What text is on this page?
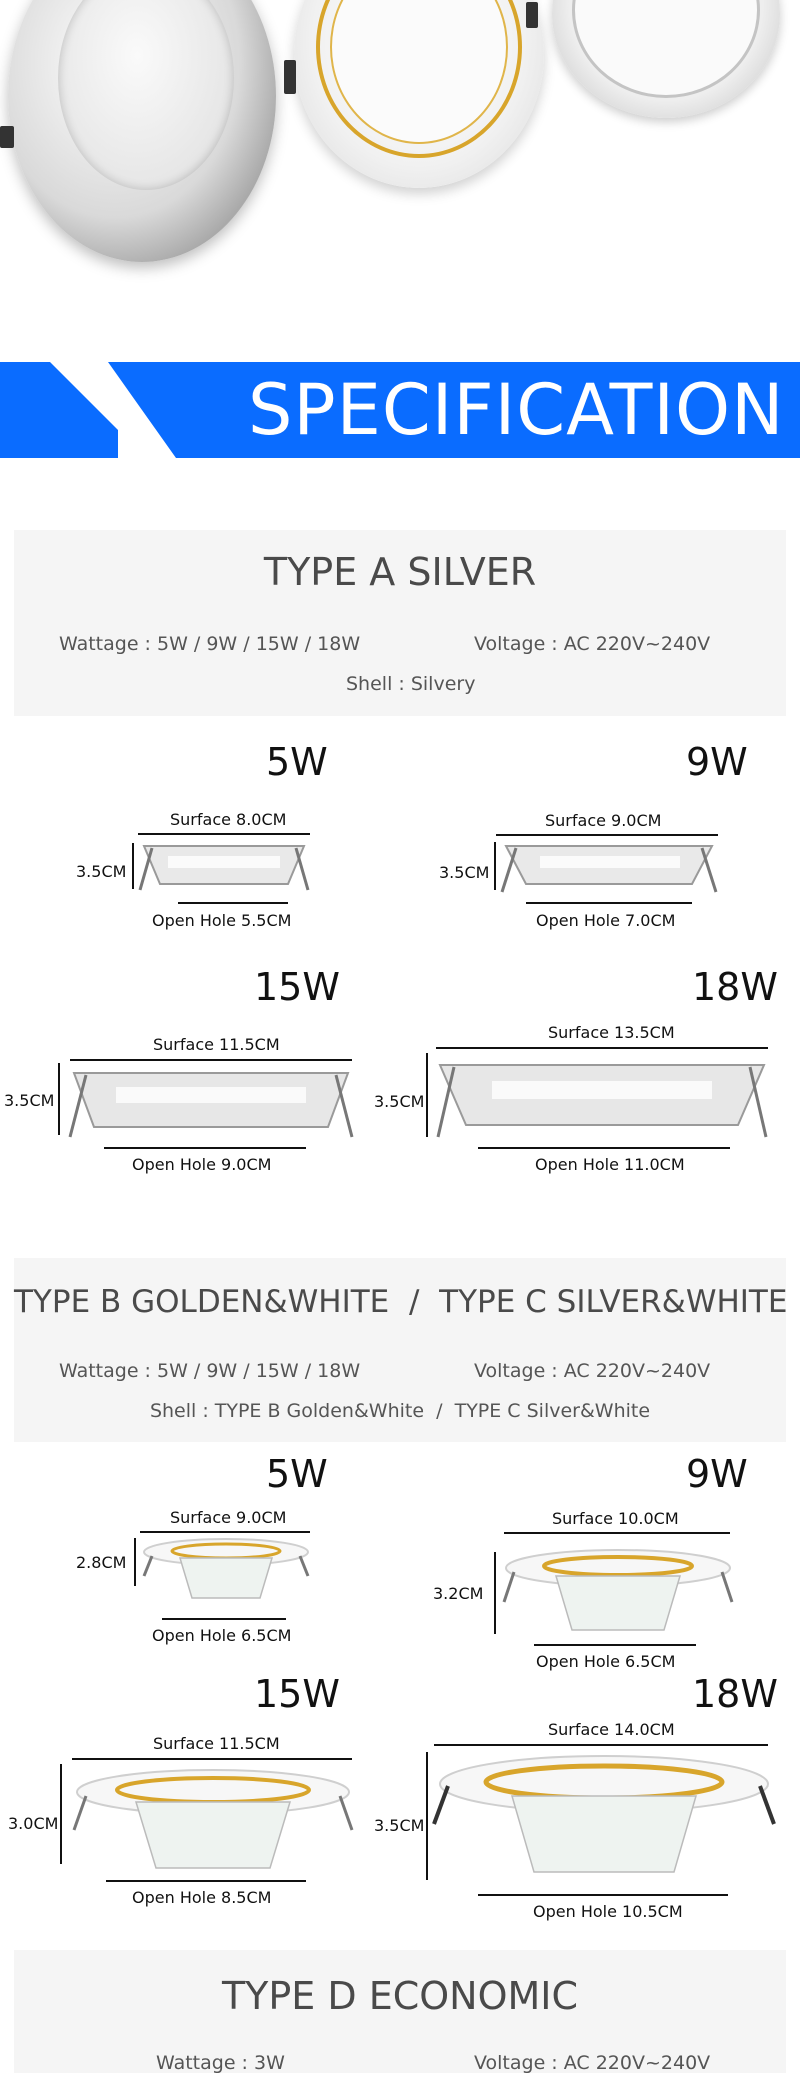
SPECIFICATION
TYPE A SILVER
Wattage : 5W / 9W / 15W / 18W	Voltage : AC 220V~240V
Shell : Silvery
5W
Surface 8.0CM
3.5CM
Open Hole 5.5CM
9W
Surface 9.0CM
3.5CM
Open Hole 7.0CM
15W
Surface 11.5CM
3.5CM
Open Hole 9.0CM
18W
Surface 13.5CM
3.5CM
Open Hole 11.0CM
TYPE B GOLDEN&WHITE  /  TYPE C SILVER&WHITE
Wattage : 5W / 9W / 15W / 18W	Voltage : AC 220V~240V
Shell : TYPE B Golden&White  /  TYPE C Silver&White
5W
Surface 9.0CM
2.8CM
Open Hole 6.5CM
9W
Surface 10.0CM
3.2CM
Open Hole 6.5CM
15W
Surface 11.5CM
3.0CM
Open Hole 8.5CM
18W
Surface 14.0CM
3.5CM
Open Hole 10.5CM
TYPE D ECONOMIC
Wattage : 3W	Voltage : AC 220V~240V
